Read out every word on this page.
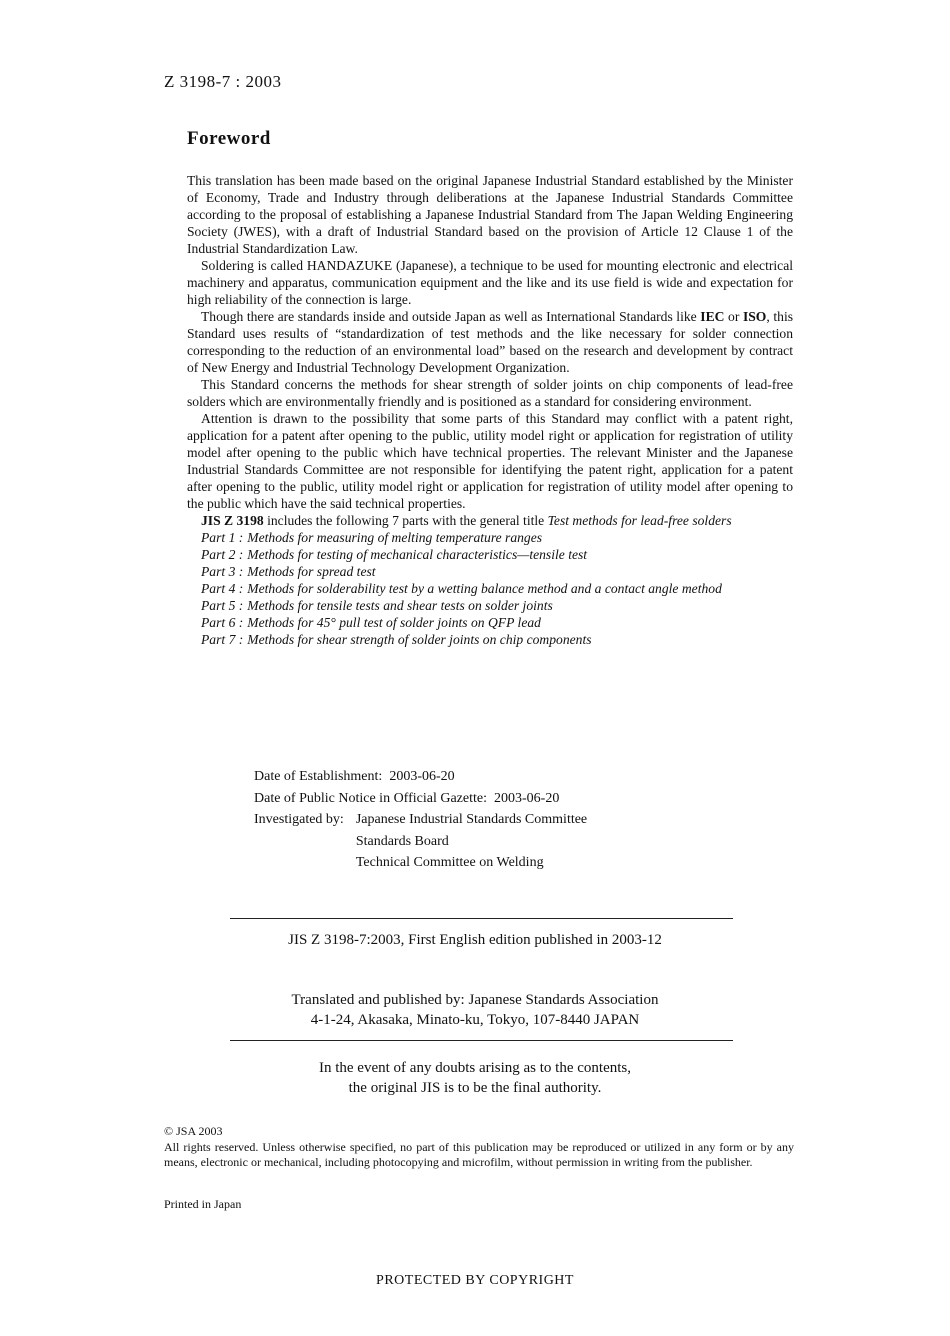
Z 3198-7 : 2003
Foreword

This translation has been made based on the original Japanese Industrial Standard established by the Minister of Economy, Trade and Industry through deliberations at the Japanese Industrial Standards Committee according to the proposal of establishing a Japanese Industrial Standard from The Japan Welding Engineering Society (JWES), with a draft of Industrial Standard based on the provision of Article 12 Clause 1 of the Industrial Standardization Law.

Soldering is called HANDAZUKE (Japanese), a technique to be used for mounting electronic and electrical machinery and apparatus, communication equipment and the like and its use field is wide and expectation for high reliability of the connection is large.

Though there are standards inside and outside Japan as well as International Standards like IEC or ISO, this Standard uses results of “standardization of test methods and the like necessary for solder connection corresponding to the reduction of an environmental load” based on the research and development by contract of New Energy and Industrial Technology Development Organization.

This Standard concerns the methods for shear strength of solder joints on chip components of lead-free solders which are environmentally friendly and is positioned as a standard for considering environment.

Attention is drawn to the possibility that some parts of this Standard may conflict with a patent right, application for a patent after opening to the public, utility model right or application for registration of utility model after opening to the public which have technical properties. The relevant Minister and the Japanese Industrial Standards Committee are not responsible for identifying the patent right, application for a patent after opening to the public, utility model right or application for registration of utility model after opening to the public which have the said technical properties.

JIS Z 3198 includes the following 7 parts with the general title Test methods for lead-free solders

Part 1 : Methods for measuring of melting temperature ranges
Part 2 : Methods for testing of mechanical characteristics—tensile test
Part 3 : Methods for spread test
Part 4 : Methods for solderability test by a wetting balance method and a contact angle method
Part 5 : Methods for tensile tests and shear tests on solder joints
Part 6 : Methods for 45° pull test of solder joints on QFP lead
Part 7 : Methods for shear strength of solder joints on chip components
Date of Establishment:
2003-06-20
Date of Public Notice in Official Gazette:
2003-06-20
Investigated by: Japanese Industrial Standards Committee
Standards Board
Technical Committee on Welding
JIS Z 3198-7:2003, First English edition published in 2003-12
Translated and published by: Japanese Standards Association
4-1-24, Akasaka, Minato-ku, Tokyo, 107-8440 JAPAN
In the event of any doubts arising as to the contents,
the original JIS is to be the final authority.
© JSA 2003
All rights reserved. Unless otherwise specified, no part of this publication may be reproduced or utilized in any form or by any means, electronic or mechanical, including photocopying and microfilm, without permission in writing from the publisher.
Printed in Japan
PROTECTED BY COPYRIGHT
